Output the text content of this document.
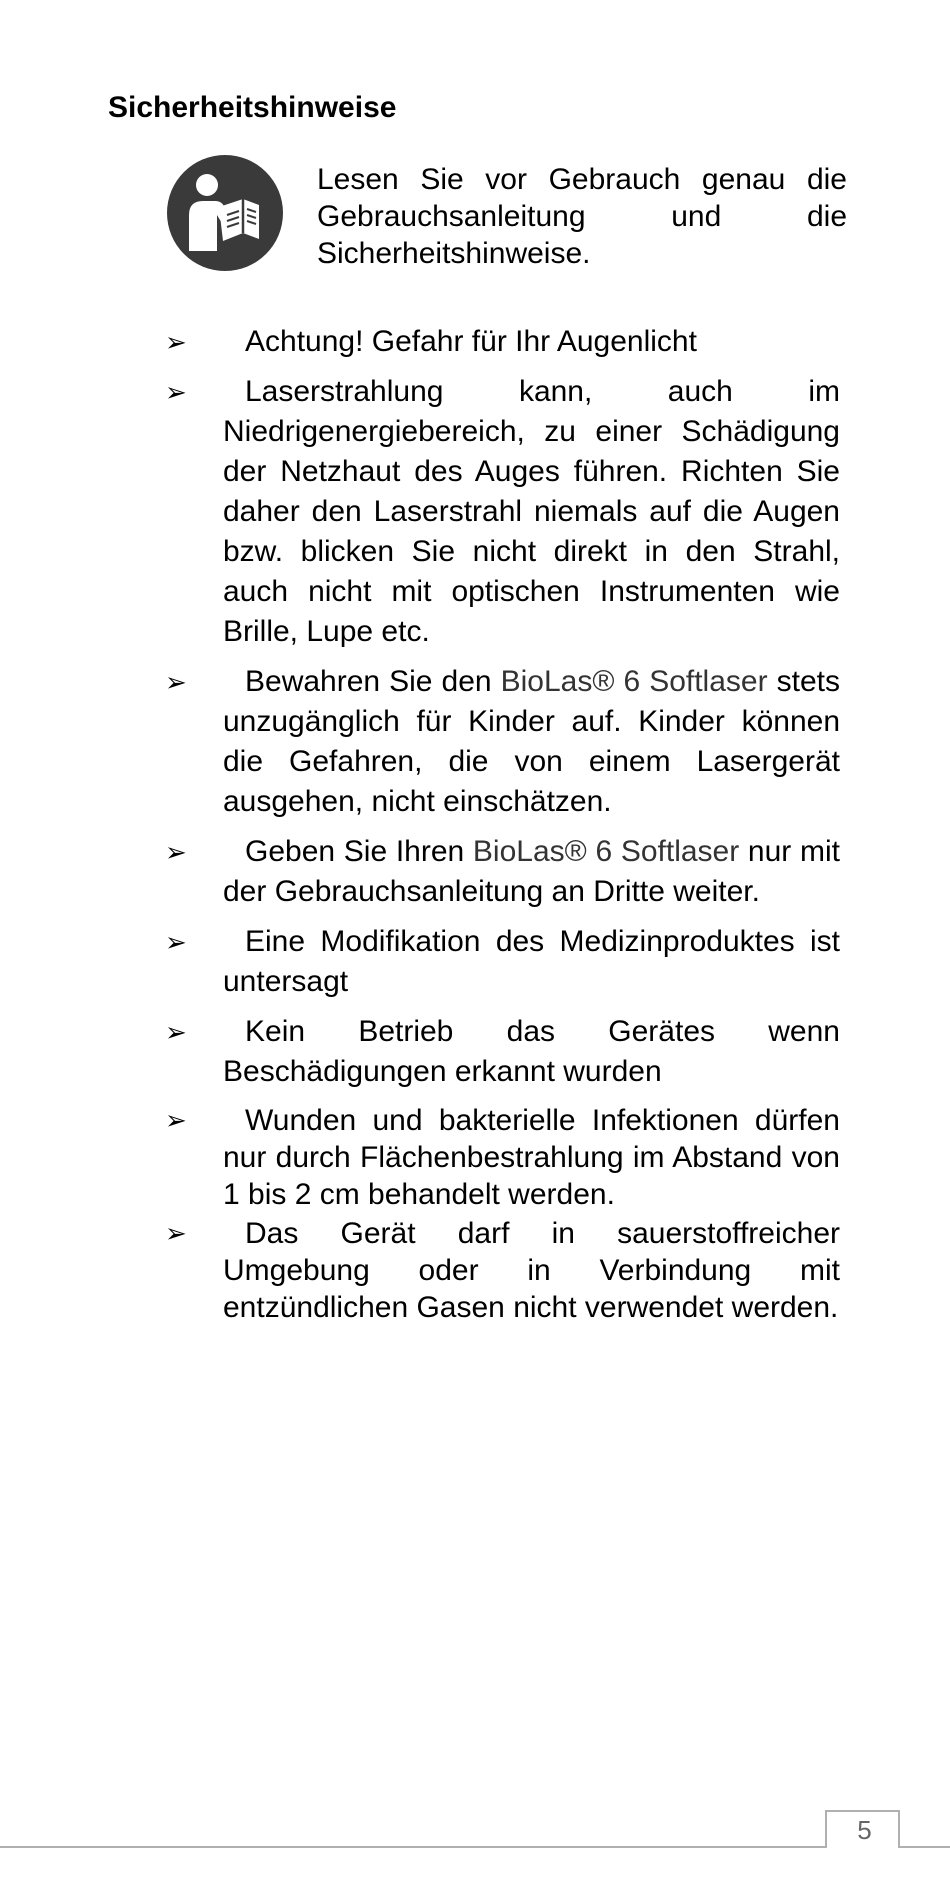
Sicherheitshinweise
Lesen Sie vor Gebrauch genau die Gebrauchsanleitung und die Sicherheitshinweise.
➢	Achtung! Gefahr für Ihr Augenlicht
➢	Laserstrahlung kann, auch im Niedrigenergiebereich, zu einer Schädigung der Netzhaut des Auges führen. Richten Sie daher den Laserstrahl niemals auf die Augen bzw. blicken Sie nicht direkt in den Strahl, auch nicht mit optischen Instrumenten wie Brille, Lupe etc.
➢	Bewahren Sie den BioLas® 6 Softlaser stets unzugänglich für Kinder auf. Kinder können die Gefahren, die von einem Lasergerät ausgehen, nicht einschätzen.
➢	Geben Sie Ihren BioLas® 6 Softlaser nur mit der Gebrauchsanleitung an Dritte weiter.
➢	Eine Modifikation des Medizinproduktes ist untersagt
➢	Kein Betrieb das Gerätes wenn Beschädigungen erkannt wurden
➢	Wunden und bakterielle Infektionen dürfen nur durch Flächenbestrahlung im Abstand von 1 bis 2 cm behandelt werden.
➢	Das Gerät darf in sauerstoffreicher Umgebung oder in Verbindung mit entzündlichen Gasen nicht verwendet werden.
5
